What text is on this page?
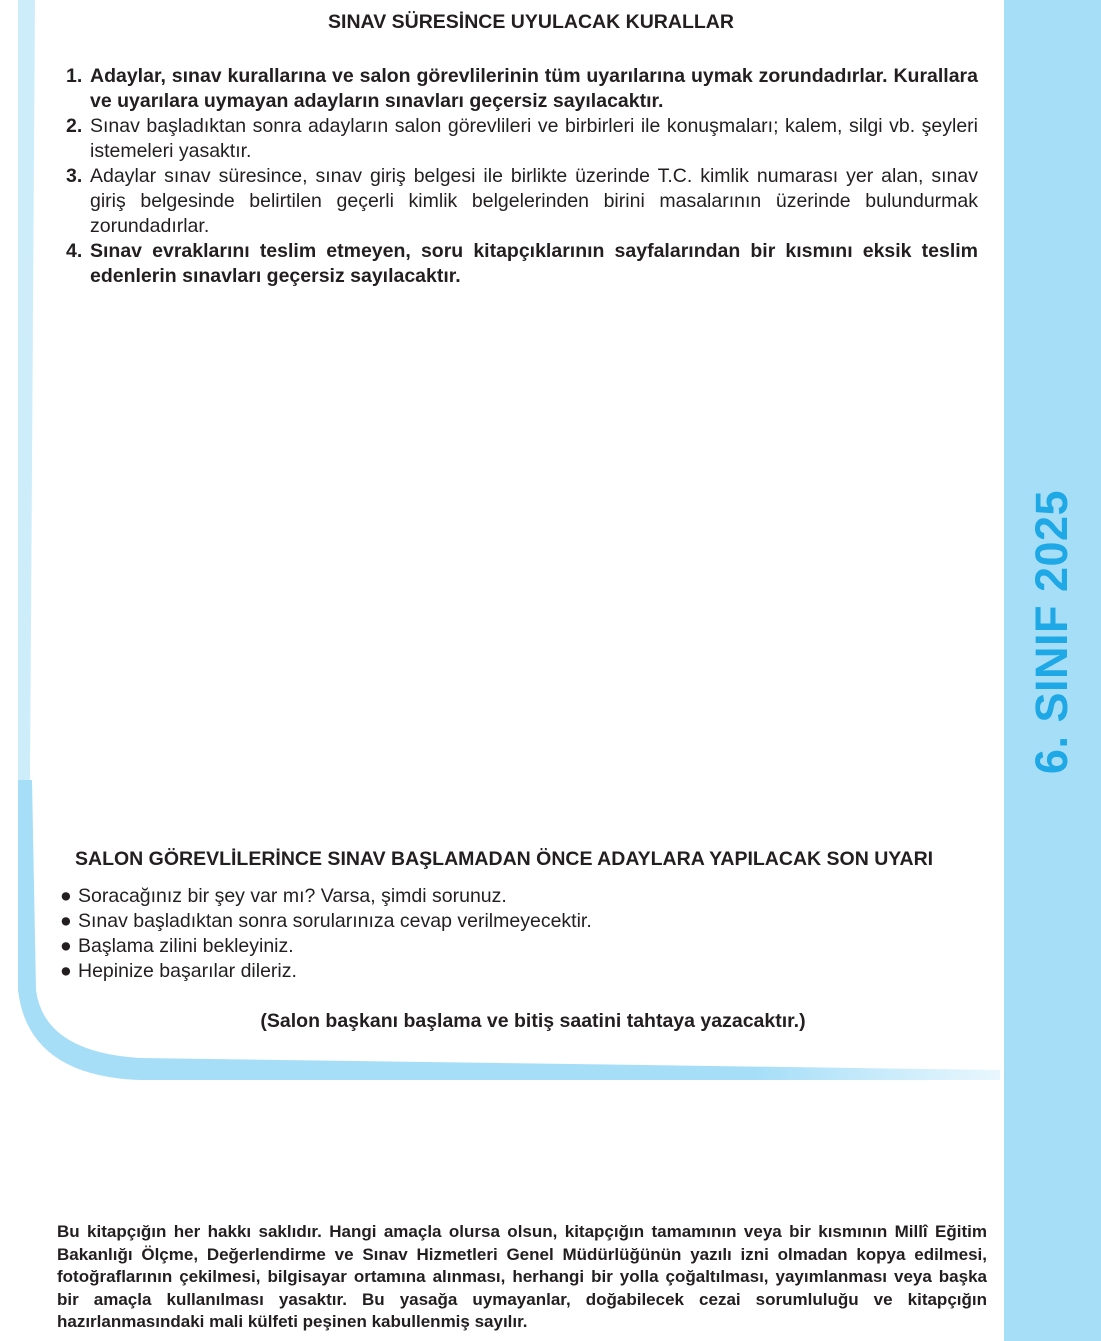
6. SINIF 2025
SINAV SÜRESİNCE UYULACAK KURALLAR
1. Adaylar, sınav kurallarına ve salon görevlilerinin tüm uyarılarına uymak zorundadırlar. Kurallara ve uyarılara uymayan adayların sınavları geçersiz sayılacaktır.
2. Sınav başladıktan sonra adayların salon görevlileri ve birbirleri ile konuşmaları; kalem, silgi vb. şeyleri istemeleri yasaktır.
3. Adaylar sınav süresince, sınav giriş belgesi ile birlikte üzerinde T.C. kimlik numarası yer alan, sınav giriş belgesinde belirtilen geçerli kimlik belgelerinden birini masalarının üzerinde bulundurmak zorundadırlar.
4. Sınav evraklarını teslim etmeyen, soru kitapçıklarının sayfalarından bir kısmını eksik teslim edenlerin sınavları geçersiz sayılacaktır.
SALON GÖREVLİLERİNCE SINAV BAŞLAMADAN ÖNCE ADAYLARA YAPILACAK SON UYARI
● Soracağınız bir şey var mı? Varsa, şimdi sorunuz.
● Sınav başladıktan sonra sorularınıza cevap verilmeyecektir.
● Başlama zilini bekleyiniz.
● Hepinize başarılar dileriz.
(Salon başkanı başlama ve bitiş saatini tahtaya yazacaktır.)
Bu kitapçığın her hakkı saklıdır. Hangi amaçla olursa olsun, kitapçığın tamamının veya bir kısmının Millî Eğitim Bakanlığı Ölçme, Değerlendirme ve Sınav Hizmetleri Genel Müdürlüğünün yazılı izni olmadan kopya edilmesi, fotoğraflarının çekilmesi, bilgisayar ortamına alınması, herhangi bir yolla çoğaltılması, yayımlanması veya başka bir amaçla kullanılması yasaktır. Bu yasağa uymayanlar, doğabilecek cezai sorumluluğu ve kitapçığın hazırlanmasındaki mali külfeti peşinen kabullenmiş sayılır.
